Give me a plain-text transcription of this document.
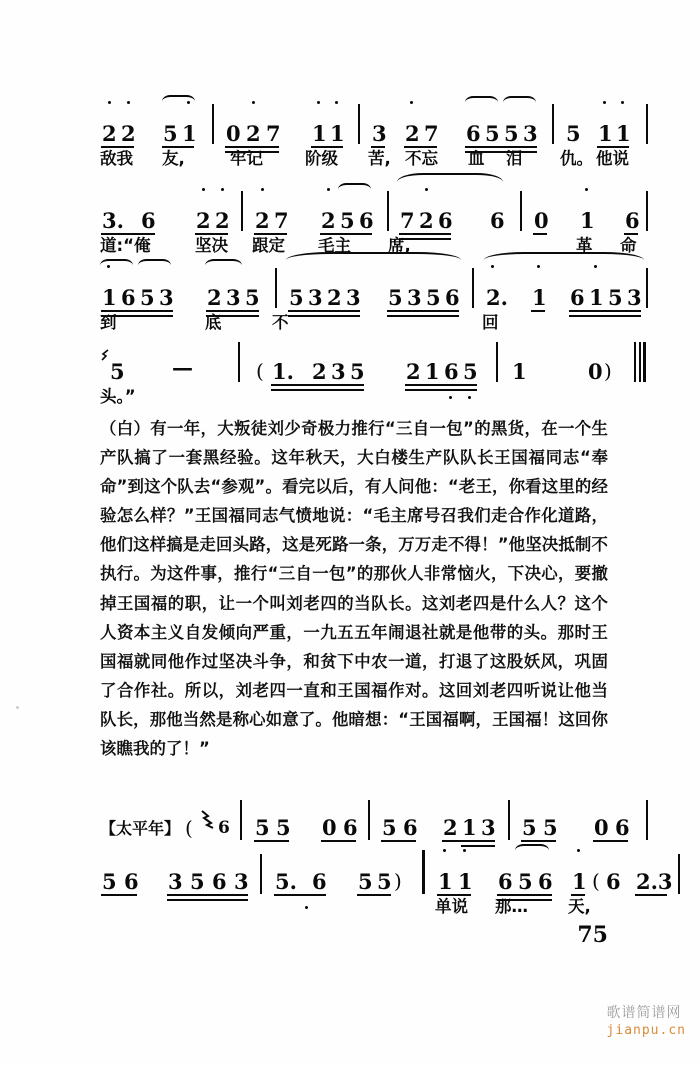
2 2 5 1 0 2 7 1 1 3 2 7 6 5 5 3 5 1 1
敌我 友,	牢记	阶级 苦, 不忘 血 泪 仇。 他说
3. 6 2 2 2 7 2 5 6 7 2 6 6 0 1 6
道:“俺	坚决 跟定 毛主 席,	革 命
1 6 5 3 2 3 5 5 3 2 3 5 3 5 6 2. 1 6 1 5 3
到	底	不	回
5 —	( 1. 2 3 5 2 1 6 5 1	0 )
头。”

（白）有一年，大叛徒刘少奇极力推行“三自一包”的黑货，在一个生产队搞了一套黑经验。这年秋天，大白楼生产队队长王国福同志“奉命”到这个队去“参观”。看完以后，有人问他：“老王，你看这里的经验怎么样？”王国福同志气愤地说：“毛主席号召我们走合作化道路，他们这样搞是走回头路，这是死路一条，万万走不得！”他坚决抵制不执行。为这件事，推行“三自一包”的那伙人非常恼火，下决心，要撤掉王国福的职，让一个叫刘老四的当队长。这刘老四是什么人？这个人资本主义自发倾向严重，一九五五年闹退社就是他带的头。那时王国福就同他作过坚决斗争，和贫下中农一道，打退了这股妖风，巩固了合作社。所以，刘老四一直和王国福作对。这回刘老四听说让他当队长，那他当然是称心如意了。他暗想：“王国福啊，王国福！这回你该瞧我的了！”

【太平年】 ( 6 5 5 0 6 5 6 2 1 3 5 5 0 6
5 6 3 5 6 3 5. 6 5 5 ) 1 1 6 5 6 1 ( 6 2.3
单说 那… 天,
75

歌谱简谱网
jianpu.cn
